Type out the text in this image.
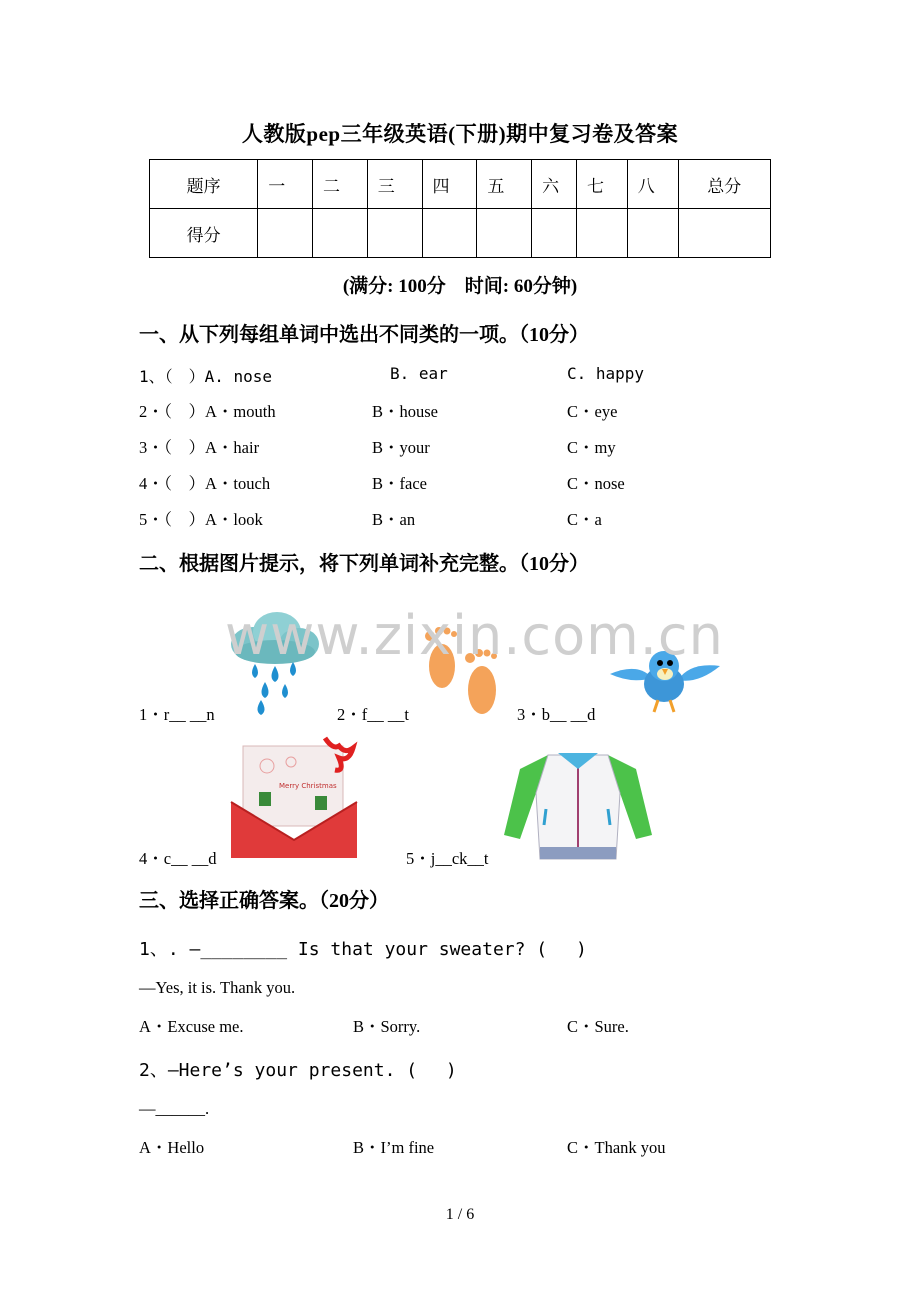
人教版pep三年级英语(下册)期中复习卷及答案
题序	一	二	三	四	五	六	七	八	总分
得分									
(满分: 100分　时间: 60分钟)
一、从下列每组单词中选出不同类的一项。（10分）
1、（　）A. nose	B. ear	C. happy
2・（　）A・mouth	B・house	C・eye
3・（　）A・hair	B・your	C・my
4・（　）A・touch	B・face	C・nose
5・（　）A・look	B・an	C・a
二、根据图片提示，将下列单词补充完整。（10分）
1・r__ __n	2・f__ __t	3・b__ __d
Merry Christmas
4・c__ __d	5・j__ck__t
三、选择正确答案。（20分）
1、. —________ Is that your sweater? (　 )
—Yes, it is. Thank you.
A・Excuse me.	B・Sorry.	C・Sure.
2、—Here’s your present. (　 )
—______.
A・Hello	B・I’m fine	C・Thank you
www.zixin.com.cn
1 / 6
